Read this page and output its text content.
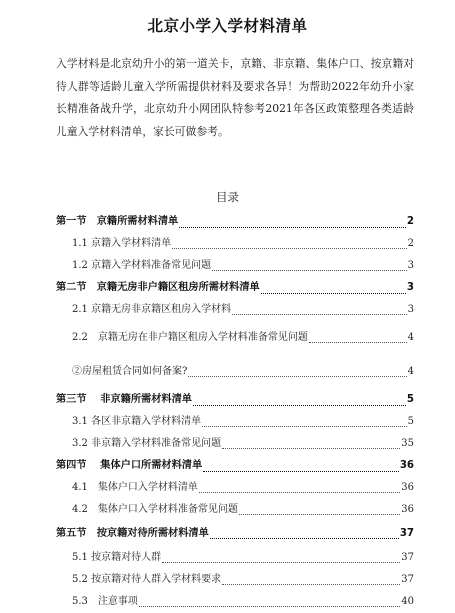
北京小学入学材料清单

入学材料是北京幼升小的第一道关卡，京籍、非京籍、集体户口、按京籍对待人群等适龄儿童入学所需提供材料及要求各异！为帮助2022年幼升小家长精准备战升学，北京幼升小网团队特参考2021年各区政策整理各类适龄儿童入学材料清单，家长可做参考。

目录
第一节　京籍所需材料清单	2
1.1 京籍入学材料清单	2
1.2 京籍入学材料准备常见问题	3
第二节　京籍无房非户籍区租房所需材料清单	3
2.1 京籍无房非京籍区租房入学材料	3
2.2　京籍无房在非户籍区租房入学材料准备常见问题	4
②房屋租赁合同如何备案?	4
第三节　 非京籍所需材料清单	5
3.1 各区非京籍入学材料清单	5
3.2 非京籍入学材料准备常见问题	35
第四节　 集体户口所需材料清单	36
4.1　集体户口入学材料清单	36
4.2　集体户口入学材料准备常见问题	36
第五节　按京籍对待所需材料清单	37
5.1 按京籍对待人群	37
5.2 按京籍对待人群入学材料要求	37
5.3　注意事项	40
